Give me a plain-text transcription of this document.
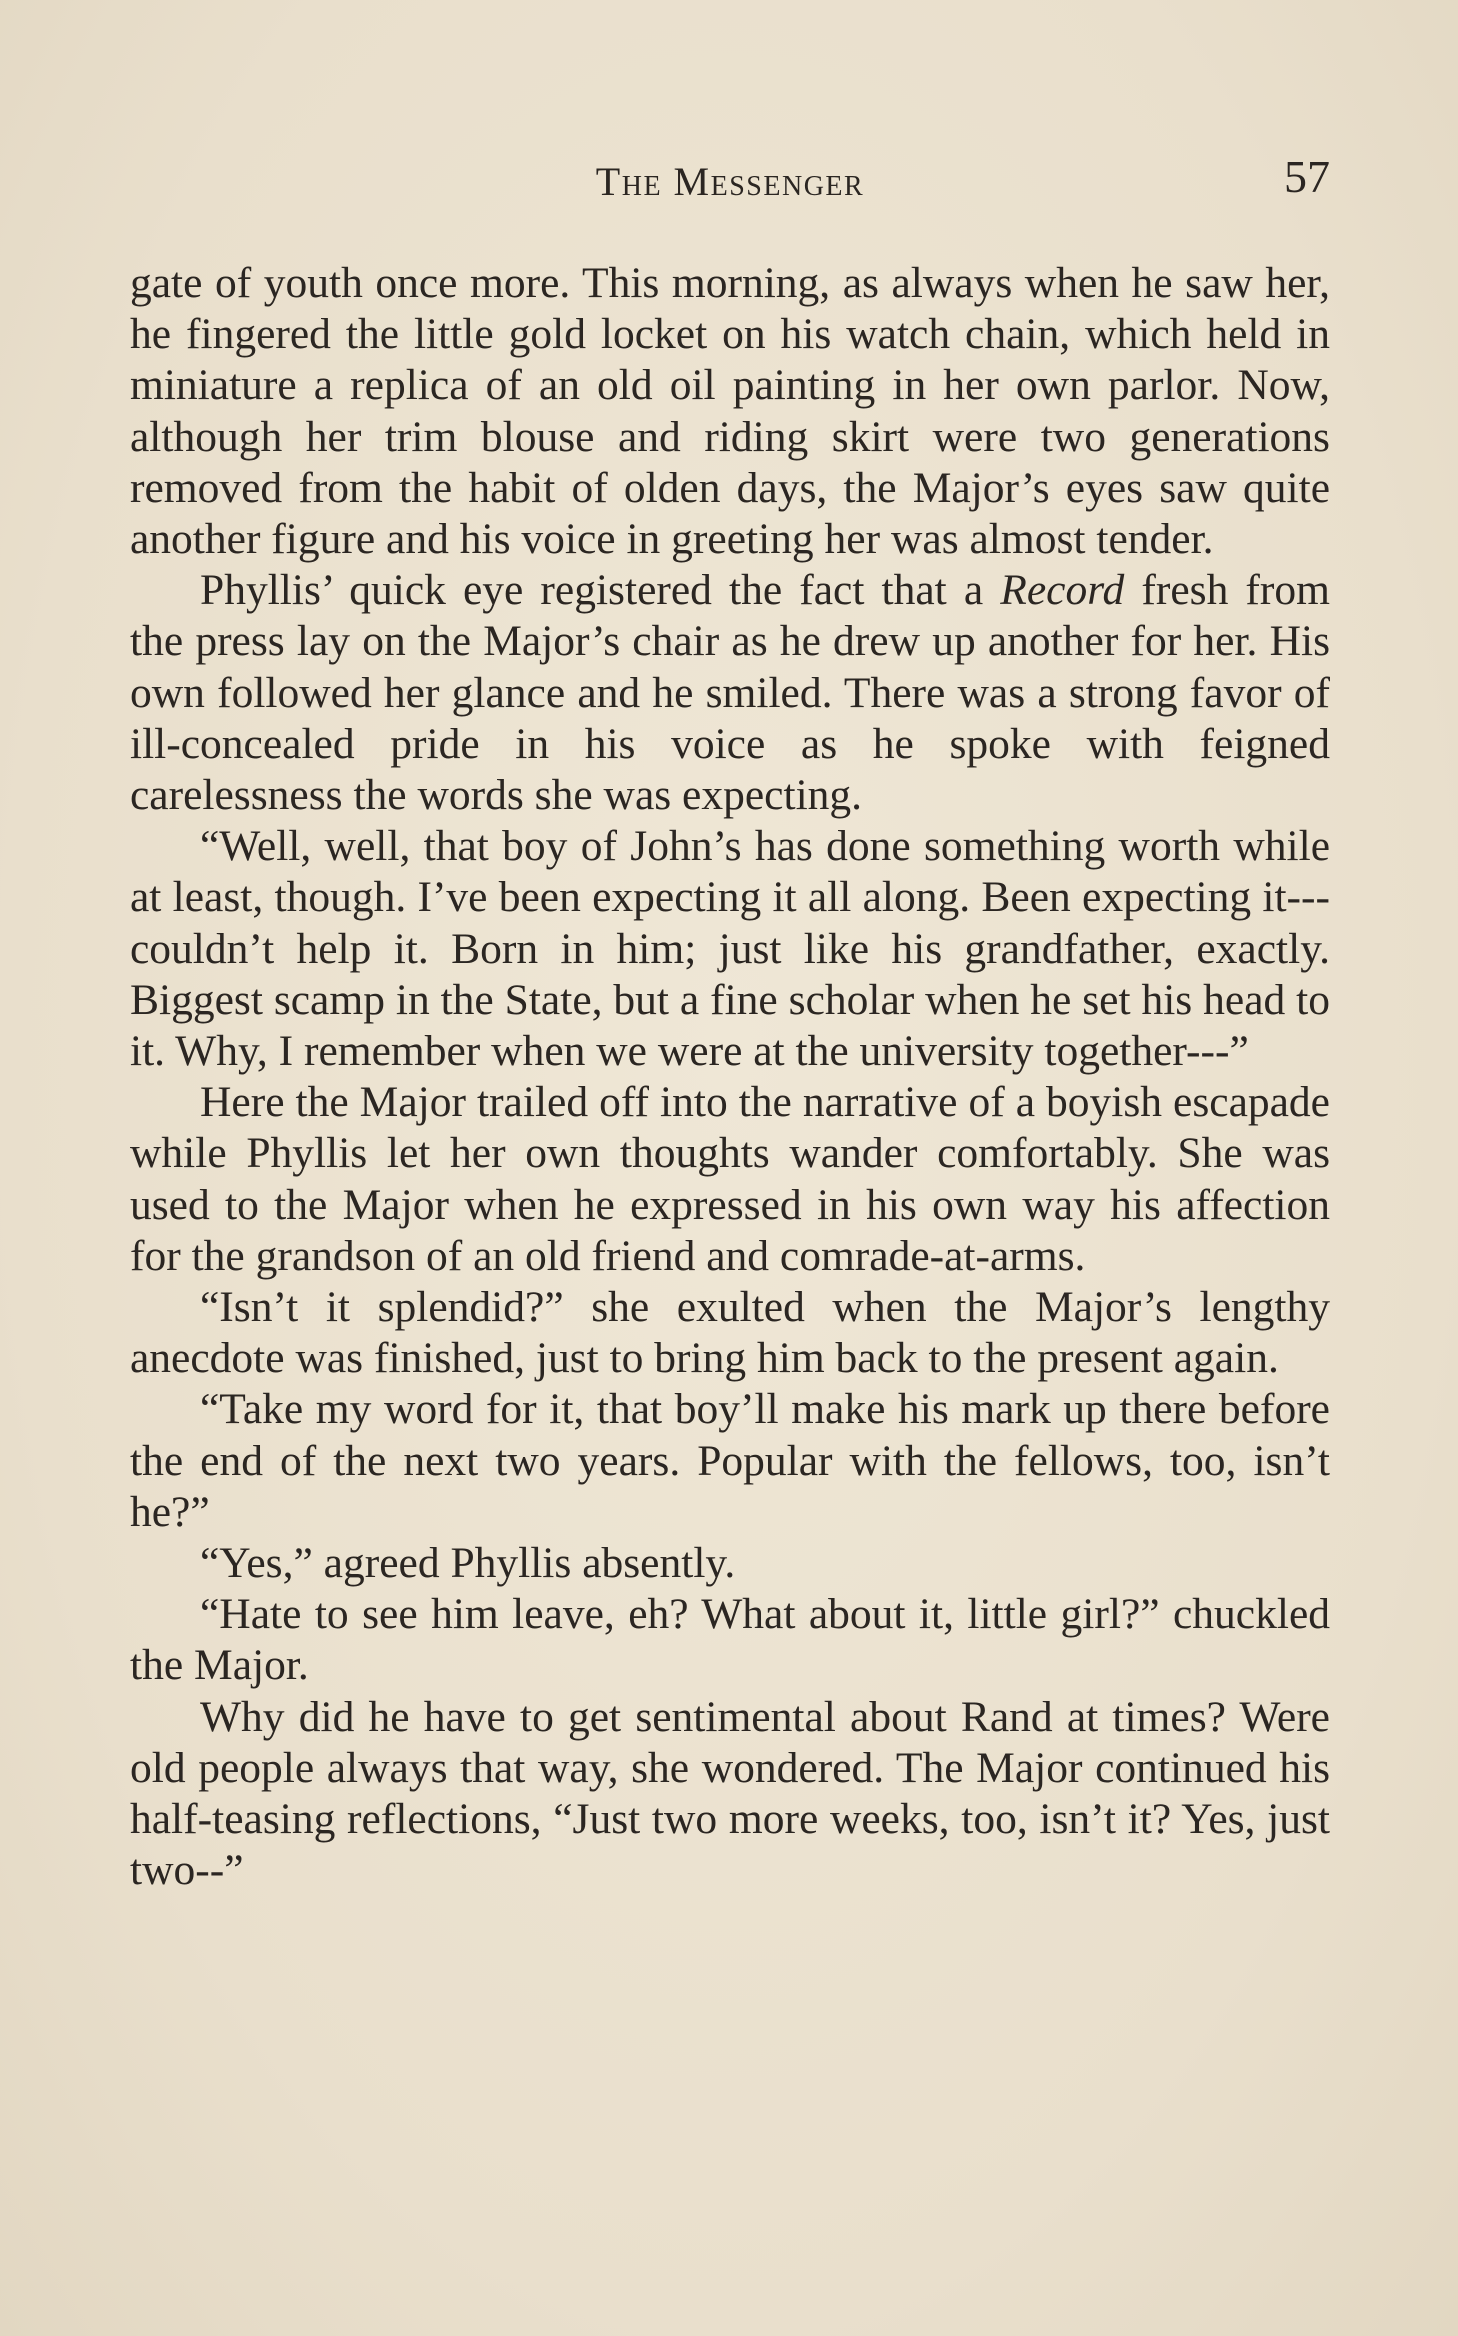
The Messenger	57

gate of youth once more. This morning, as always when he saw her, he fingered the little gold locket on his watch chain, which held in miniature a replica of an old oil painting in her own parlor. Now, although her trim blouse and riding skirt were two generations removed from the habit of olden days, the Major’s eyes saw quite another figure and his voice in greeting her was almost tender.

Phyllis’ quick eye registered the fact that a Record fresh from the press lay on the Major’s chair as he drew up another for her. His own followed her glance and he smiled. There was a strong favor of ill-concealed pride in his voice as he spoke with feigned carelessness the words she was expecting.

“Well, well, that boy of John’s has done something worth while at least, though. I’ve been expecting it all along. Been expecting it---couldn’t help it. Born in him; just like his grandfather, exactly. Biggest scamp in the State, but a fine scholar when he set his head to it. Why, I remember when we were at the university together---”

Here the Major trailed off into the narrative of a boyish escapade while Phyllis let her own thoughts wander comfortably. She was used to the Major when he expressed in his own way his affection for the grandson of an old friend and comrade-at-arms.

“Isn’t it splendid?” she exulted when the Major’s lengthy anecdote was finished, just to bring him back to the present again.

“Take my word for it, that boy’ll make his mark up there before the end of the next two years. Popular with the fellows, too, isn’t he?”

“Yes,” agreed Phyllis absently.

“Hate to see him leave, eh? What about it, little girl?” chuckled the Major.

Why did he have to get sentimental about Rand at times? Were old people always that way, she wondered. The Major continued his half-teasing reflections, “Just two more weeks, too, isn’t it? Yes, just two--”
